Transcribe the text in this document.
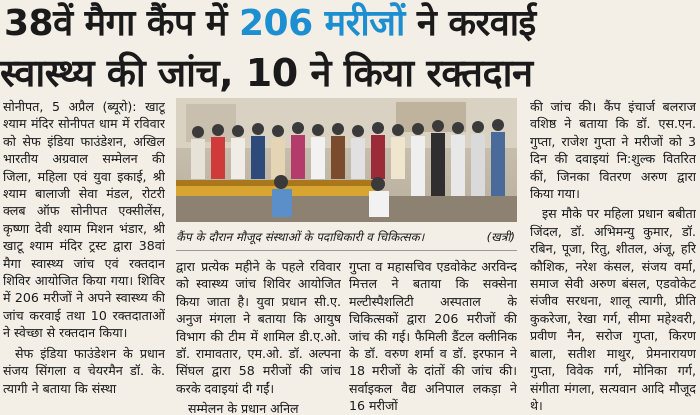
38वें मैगा कैंप में 206 मरीजों ने करवाई
स्वास्थ्य की जांच, 10 ने किया रक्तदान

सोनीपत, 5 अप्रैल (ब्यूरो): खाटू श्याम मंदिर सोनीपत धाम में रविवार को सेफ इंडिया फाउंडेशन, अखिल भारतीय अग्रवाल सम्मेलन की जिला, महिला एवं युवा इकाई, श्री श्याम बालाजी सेवा मंडल, रोटरी क्लब ऑफ सोनीपत एक्सीलेंस, कृष्णा देवी श्याम मिशन भंडार, श्री खाटू श्याम मंदिर ट्रस्ट द्वारा 38वां मैगा स्वास्थ्य जांच एवं रक्तदान शिविर आयोजित किया गया। शिविर में 206 मरीजों ने अपने स्वास्थ्य की जांच करवाई तथा 10 रक्तदाताओं ने स्वेच्छा से रक्तदान किया।

सेफ इंडिया फाउंडेशन के प्रधान संजय सिंगला व चेयरमैन डॉ. के. त्यागी ने बताया कि संस्था

कैंप के दौरान मौजूद संस्थाओं के पदाधिकारी व चिकित्सक।	(खत्री)

द्वारा प्रत्येक महीने के पहले रविवार को स्वास्थ्य जांच शिविर आयोजित किया जाता है। युवा प्रधान सी.ए. अनुज मंगला ने बताया कि आयुष विभाग की टीम में शामिल डी.ए.ओ. डॉ. रामावतार, एम.ओ. डॉ. अल्पना सिंघल द्वारा 58 मरीजों की जांच करके दवाइयां दी गईं।

सम्मेलन के प्रधान अनिल

गुप्ता व महासचिव एडवोकेट अरविन्द मित्तल ने बताया कि सक्सेना मल्टीस्पैशलिटी अस्पताल के चिकित्सकों द्वारा 206 मरीजों की जांच की गई। फैमिली डैंटल क्लीनिक के डॉ. वरुण शर्मा व डॉ. इरफान ने 18 मरीजों के दांतों की जांच की। सर्वाइकल वैद्य अनिपाल लकड़ा ने 16 मरीजों

की जांच की। कैंप इंचार्ज बलराज वशिष्ठ ने बताया कि डॉ. एस.एन. गुप्ता, राजेश गुप्ता ने मरीजों को 3 दिन की दवाइयां नि:शुल्क वितरित कीं, जिनका वितरण अरुण द्वारा किया गया।

इस मौके पर महिला प्रधान बबीता जिंदल, डॉ. अभिमन्यु कुमार, डॉ. रबिन, पूजा, रितु, शीतल, अंजू, हरि कौशिक, नरेश कंसल, संजय वर्मा, समाज सेवी अरुण बंसल, एडवोकेट संजीव सरधना, शालू त्यागी, प्रीति कुकरेजा, रेखा गर्ग, सीमा महेश्वरी, प्रवीण नैन, सरोज गुप्ता, किरण बाला, सतीश माथुर, प्रेमनारायण गुप्ता, विवेक गर्ग, मोनिका गर्ग, संगीता मंगला, सत्यवान आदि मौजूद थे।
